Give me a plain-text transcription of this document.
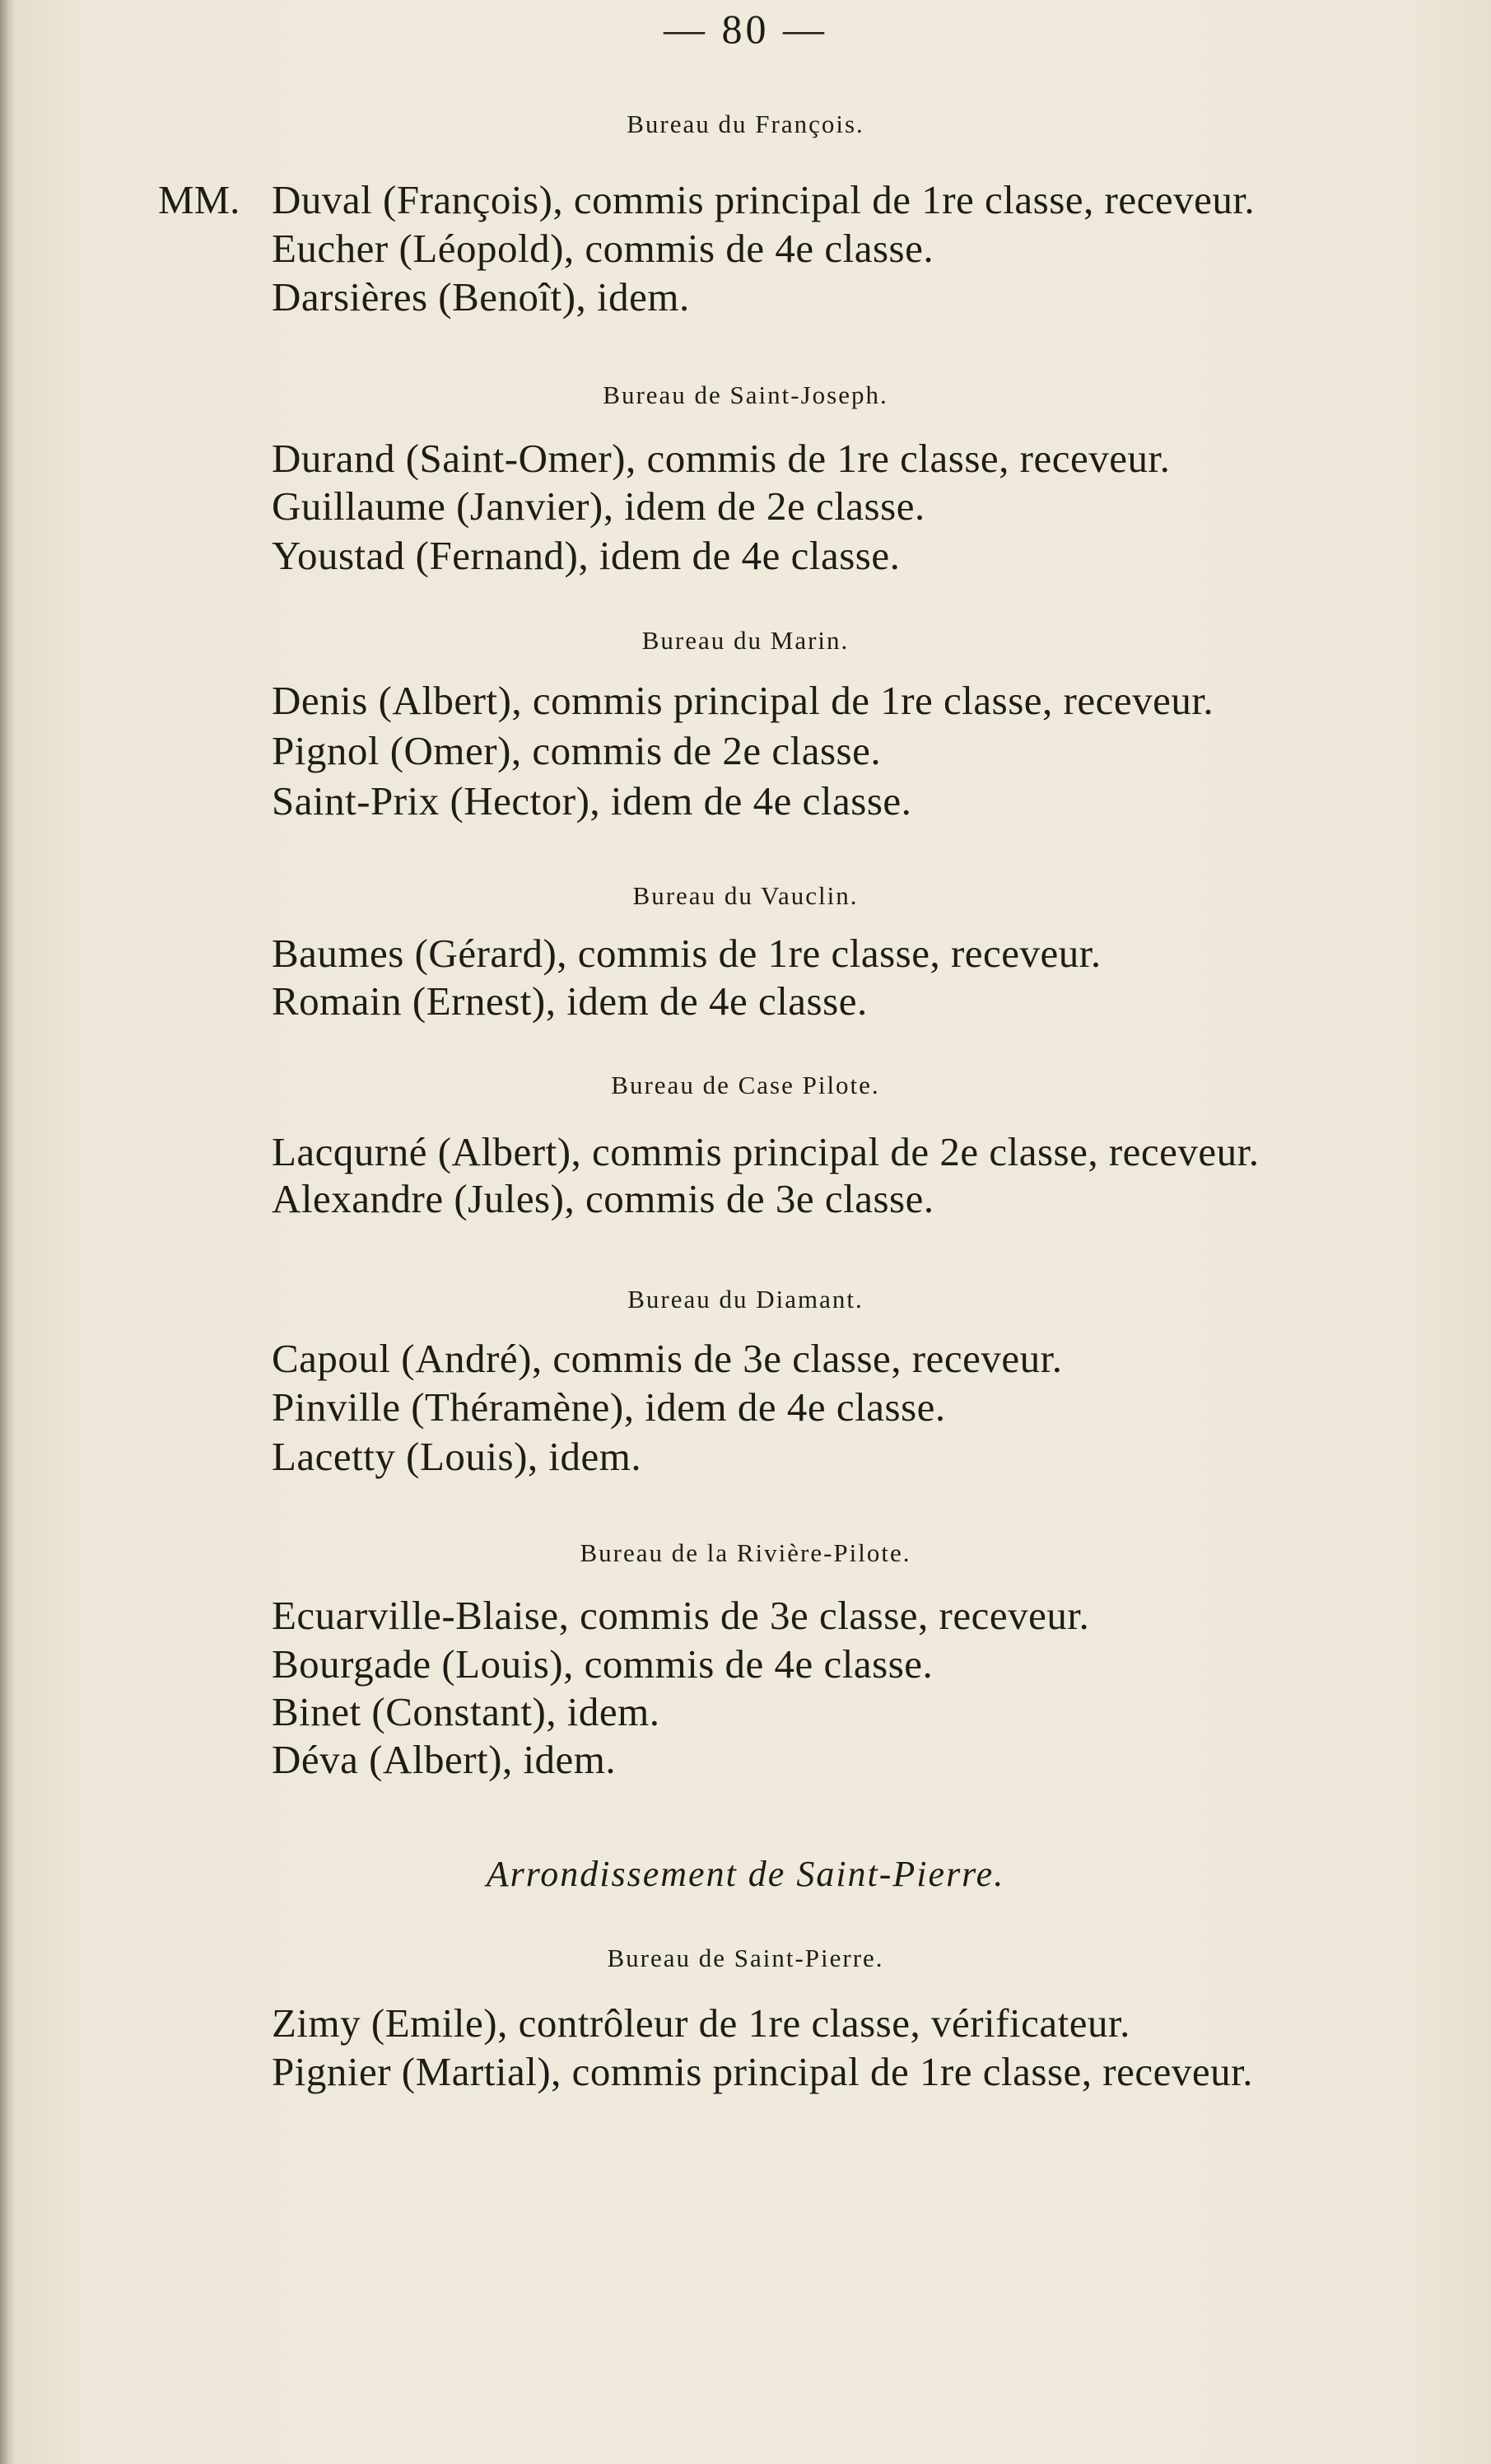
— 80 —
Bureau du François.
MM. Duval (François), commis principal de 1re classe, receveur.
Eucher (Léopold), commis de 4e classe.
Darsières (Benoît), idem.
Bureau de Saint-Joseph.
Durand (Saint-Omer), commis de 1re classe, receveur.
Guillaume (Janvier), idem de 2e classe.
Youstad (Fernand), idem de 4e classe.
Bureau du Marin.
Denis (Albert), commis principal de 1re classe, receveur.
Pignol (Omer), commis de 2e classe.
Saint-Prix (Hector), idem de 4e classe.
Bureau du Vauclin.
Baumes (Gérard), commis de 1re classe, receveur.
Romain (Ernest), idem de 4e classe.
Bureau de Case Pilote.
Lacqurné (Albert), commis principal de 2e classe, receveur.
Alexandre (Jules), commis de 3e classe.
Bureau du Diamant.
Capoul (André), commis de 3e classe, receveur.
Pinville (Théramène), idem de 4e classe.
Lacetty (Louis), idem.
Bureau de la Rivière-Pilote.
Ecuarville-Blaise, commis de 3e classe, receveur.
Bourgade (Louis), commis de 4e classe.
Binet (Constant), idem.
Déva (Albert), idem.
Arrondissement de Saint-Pierre.
Bureau de Saint-Pierre.
Zimy (Emile), contrôleur de 1re classe, vérificateur.
Pignier (Martial), commis principal de 1re classe, receveur.
